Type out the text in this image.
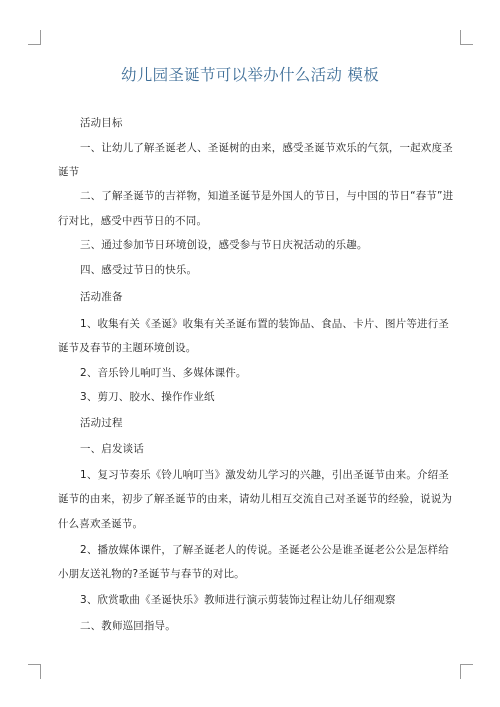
幼儿园圣诞节可以举办什么活动 模板
活动目标
一、让幼儿了解圣诞老人、圣诞树的由来，感受圣诞节欢乐的气氛，一起欢度圣
诞节
二、了解圣诞节的吉祥物，知道圣诞节是外国人的节日，与中国的节日“春节”进
行对比，感受中西节日的不同。
三、通过参加节日环境创设，感受参与节日庆祝活动的乐趣。
四、感受过节日的快乐。
活动准备
1、收集有关《圣诞》收集有关圣诞布置的装饰品、食品、卡片、图片等进行圣
诞节及春节的主题环境创设。
2、音乐铃儿响叮当、多媒体课件。
3、剪刀、胶水、操作作业纸
活动过程
一、启发谈话
1、复习节奏乐《铃儿响叮当》激发幼儿学习的兴趣，引出圣诞节由来。介绍圣
诞节的由来，初步了解圣诞节的由来，请幼儿相互交流自己对圣诞节的经验，说说为
什么喜欢圣诞节。
2、播放媒体课件，了解圣诞老人的传说。圣诞老公公是谁圣诞老公公是怎样给
小朋友送礼物的?圣诞节与春节的对比。
3、欣赏歌曲《圣诞快乐》教师进行演示剪装饰过程让幼儿仔细观察
二、教师巡回指导。
